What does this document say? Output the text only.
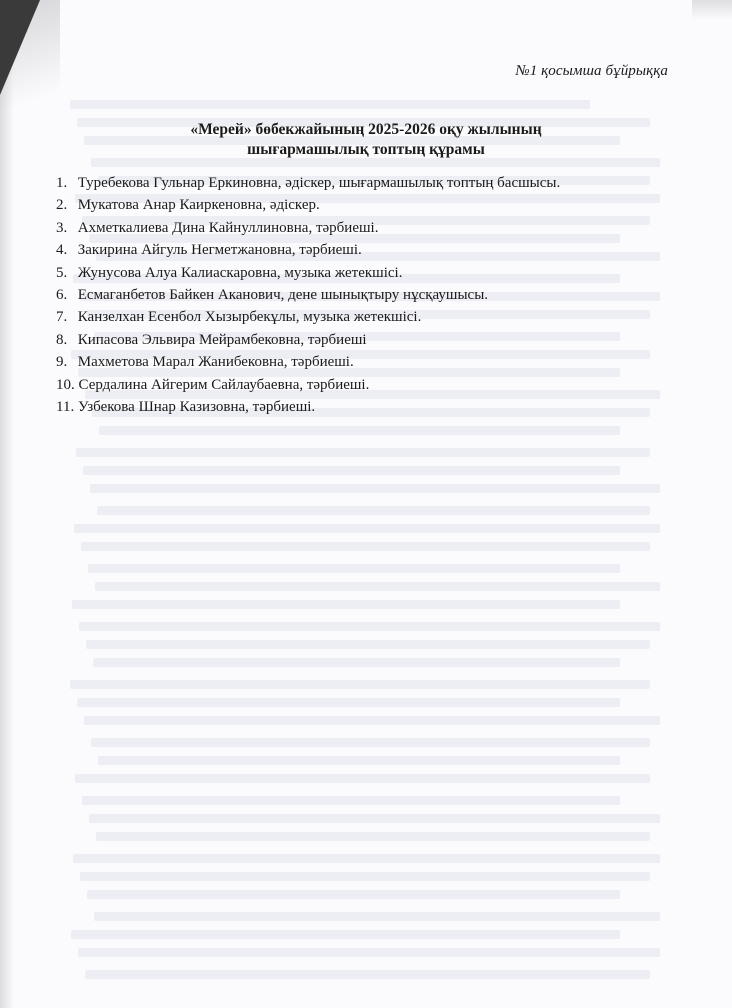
№1 қосымша бұйрыққа
«Мерей» бөбекжайының 2025-2026 оқу жылының
шығармашылық топтың құрамы
1. Туребекова Гульнар Еркиновна, әдіскер, шығармашылық топтың басшысы.
2. Мукатова Анар Каиркеновна, әдіскер.
3. Ахметкалиева Дина Кайнуллиновна, тәрбиеші.
4. Закирина Айгуль Негметжановна, тәрбиеші.
5. Жунусова Алуа Калиаскаровна, музыка жетекшісі.
6. Есмаганбетов Байкен Аканович, дене шынықтыру нұсқаушысы.
7. Канзелхан Есенбол Хызырбекұлы, музыка жетекшісі.
8. Кипасова Эльвира Мейрамбековна, тәрбиеші
9. Махметова Марал Жанибековна, тәрбиеші.
10. Сердалина Айгерим Сайлаубаевна, тәрбиеші.
11. Узбекова Шнар Казизовна, тәрбиеші.
